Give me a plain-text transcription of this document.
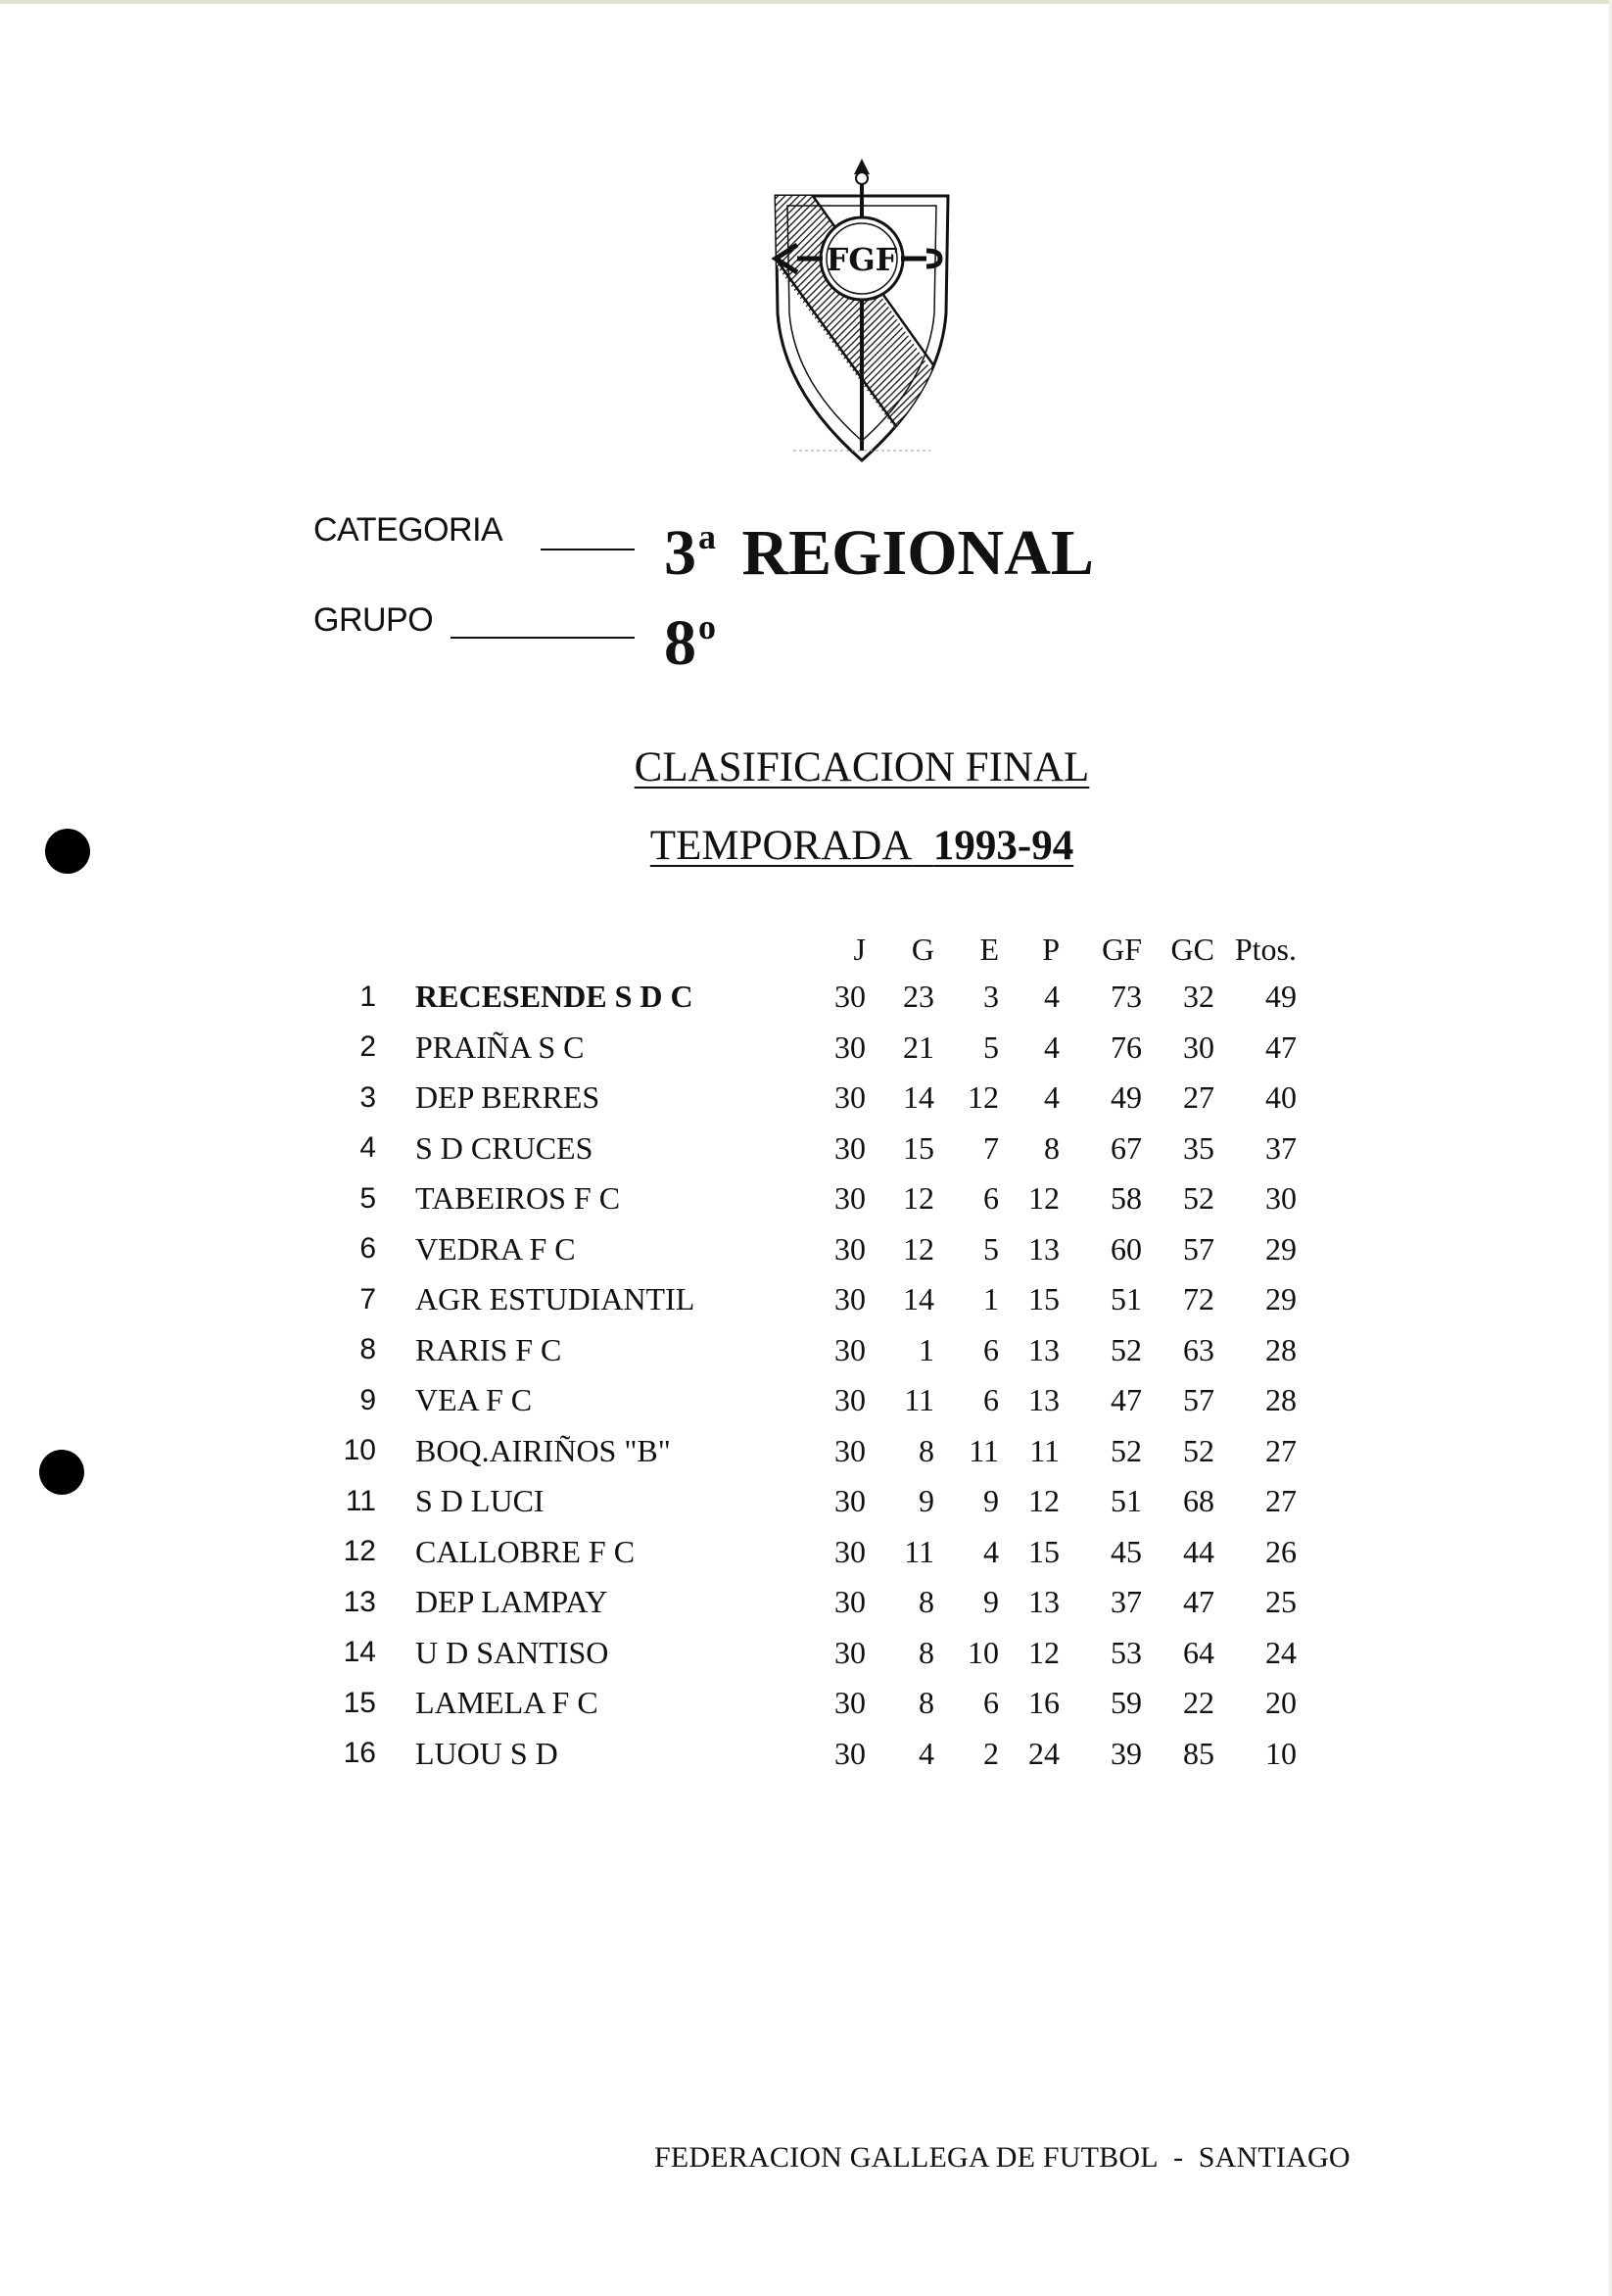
FGF
CATEGORIA 3$^a$ REGIONAL
GRUPO	8$^o$
CLASIFICACION FINAL
TEMPORADA 1993-94
		J	G	E	P	GF	GC	Ptos.
1	RECESENDE S D C	30	23	3	4	73	32	49
2	PRAIÑA S C	30	21	5	4	76	30	47
3	DEP BERRES	30	14	12	4	49	27	40
4	S D CRUCES	30	15	7	8	67	35	37
5	TABEIROS F C	30	12	6	12	58	52	30
6	VEDRA F C	30	12	5	13	60	57	29
7	AGR ESTUDIANTIL	30	14	1	15	51	72	29
8	RARIS F C	30	1	6	13	52	63	28
9	VEA F C	30	11	6	13	47	57	28
10	BOQ.AIRIÑOS "B"	30	8	11	11	52	52	27
11	S D LUCI	30	9	9	12	51	68	27
12	CALLOBRE F C	30	11	4	15	45	44	26
13	DEP LAMPAY	30	8	9	13	37	47	25
14	U D SANTISO	30	8	10	12	53	64	24
15	LAMELA F C	30	8	6	16	59	22	20
16	LUOU S D	30	4	2	24	39	85	10
FEDERACION GALLEGA DE FUTBOL - SANTIAGO
